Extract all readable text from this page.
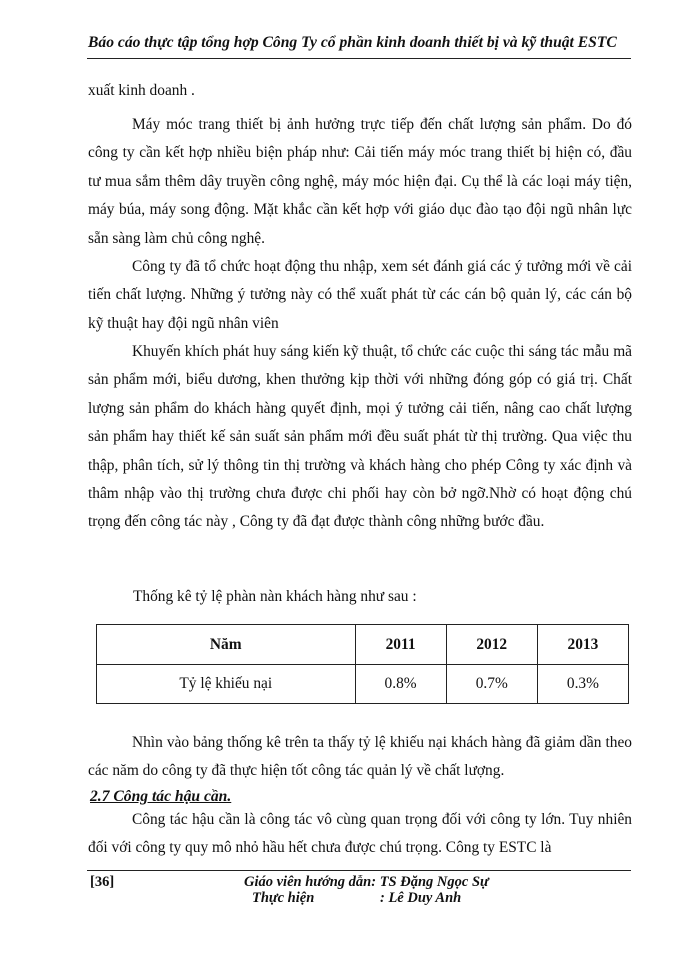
Báo cáo thực tập tổng hợp Công Ty cổ phần kinh doanh thiết bị và kỹ thuật ESTC

xuất kinh doanh .

Máy móc trang thiết bị ảnh hưởng trực tiếp đến chất lượng sản phẩm. Do đó công ty cần kết hợp nhiều biện pháp như: Cải tiến máy móc trang thiết bị hiện có, đầu tư mua sắm thêm dây truyền công nghệ, máy móc hiện đại. Cụ thể là các loại máy tiện, máy búa, máy song động. Mặt khắc cần kết hợp với giáo dục đào tạo đội ngũ nhân lực sẵn sàng làm chủ công nghệ.

Công ty đã tổ chức hoạt động thu nhập, xem sét đánh giá các ý tưởng mới về cải tiến chất lượng. Những ý tưởng này có thể xuất phát từ các cán bộ quản lý, các cán bộ kỹ thuật hay đội ngũ nhân viên

Khuyến khích phát huy sáng kiến kỹ thuật, tổ chức các cuộc thi sáng tác mẫu mã sản phẩm mới, biểu dương, khen thưởng kịp thời với những đóng góp có giá trị. Chất lượng sản phẩm do khách hàng quyết định, mọi ý tưởng cải tiến, nâng cao chất lượng sản phẩm hay thiết kế sản suất sản phẩm mới đều suất phát từ thị trường. Qua việc thu thập, phân tích, sử lý thông tin thị trường và khách hàng cho phép Công ty xác định và thâm nhập vào thị trường chưa được chi phối hay còn bở ngỡ.Nhờ có hoạt động chú trọng đến công tác này , Công ty đã đạt được thành công những bước đầu.

Thống kê tỷ lệ phàn nàn khách hàng như sau :
Năm	2011	2012	2013
Tỷ lệ khiếu nại	0.8%	0.7%	0.3%

Nhìn vào bảng thống kê trên ta thấy tỷ lệ khiếu nại khách hàng đã giảm dần theo các năm do công ty đã thực hiện tốt công tác quản lý về chất lượng.

2.7 Công tác hậu cần.

Công tác hậu cần là công tác vô cùng quan trọng đối với công ty lớn. Tuy nhiên đối với công ty quy mô nhỏ hầu hết chưa được chú trọng. Công ty ESTC là

[36]	Giáo viên hướng dẫn: TS Đặng Ngọc Sự
Thực hiện	: Lê Duy Anh
